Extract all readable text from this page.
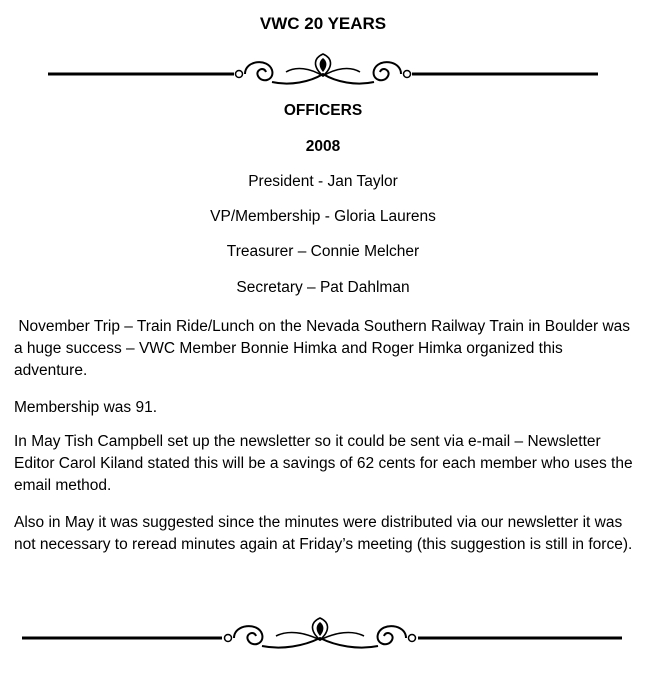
VWC 20 YEARS
OFFICERS
2008
President - Jan Taylor
VP/Membership - Gloria Laurens
Treasurer – Connie Melcher
Secretary – Pat Dahlman
November Trip – Train Ride/Lunch on the Nevada Southern Railway Train in Boulder was a huge success – VWC Member Bonnie Himka and Roger Himka organized this adventure.
Membership was 91.
In May Tish Campbell set up the newsletter so it could be sent via e-mail – Newsletter Editor Carol Kiland stated this will be a savings of 62 cents for each member who uses the email method.
Also in May it was suggested since the minutes were distributed via our newsletter it was not necessary to reread minutes again at Friday’s meeting (this suggestion is still in force).
